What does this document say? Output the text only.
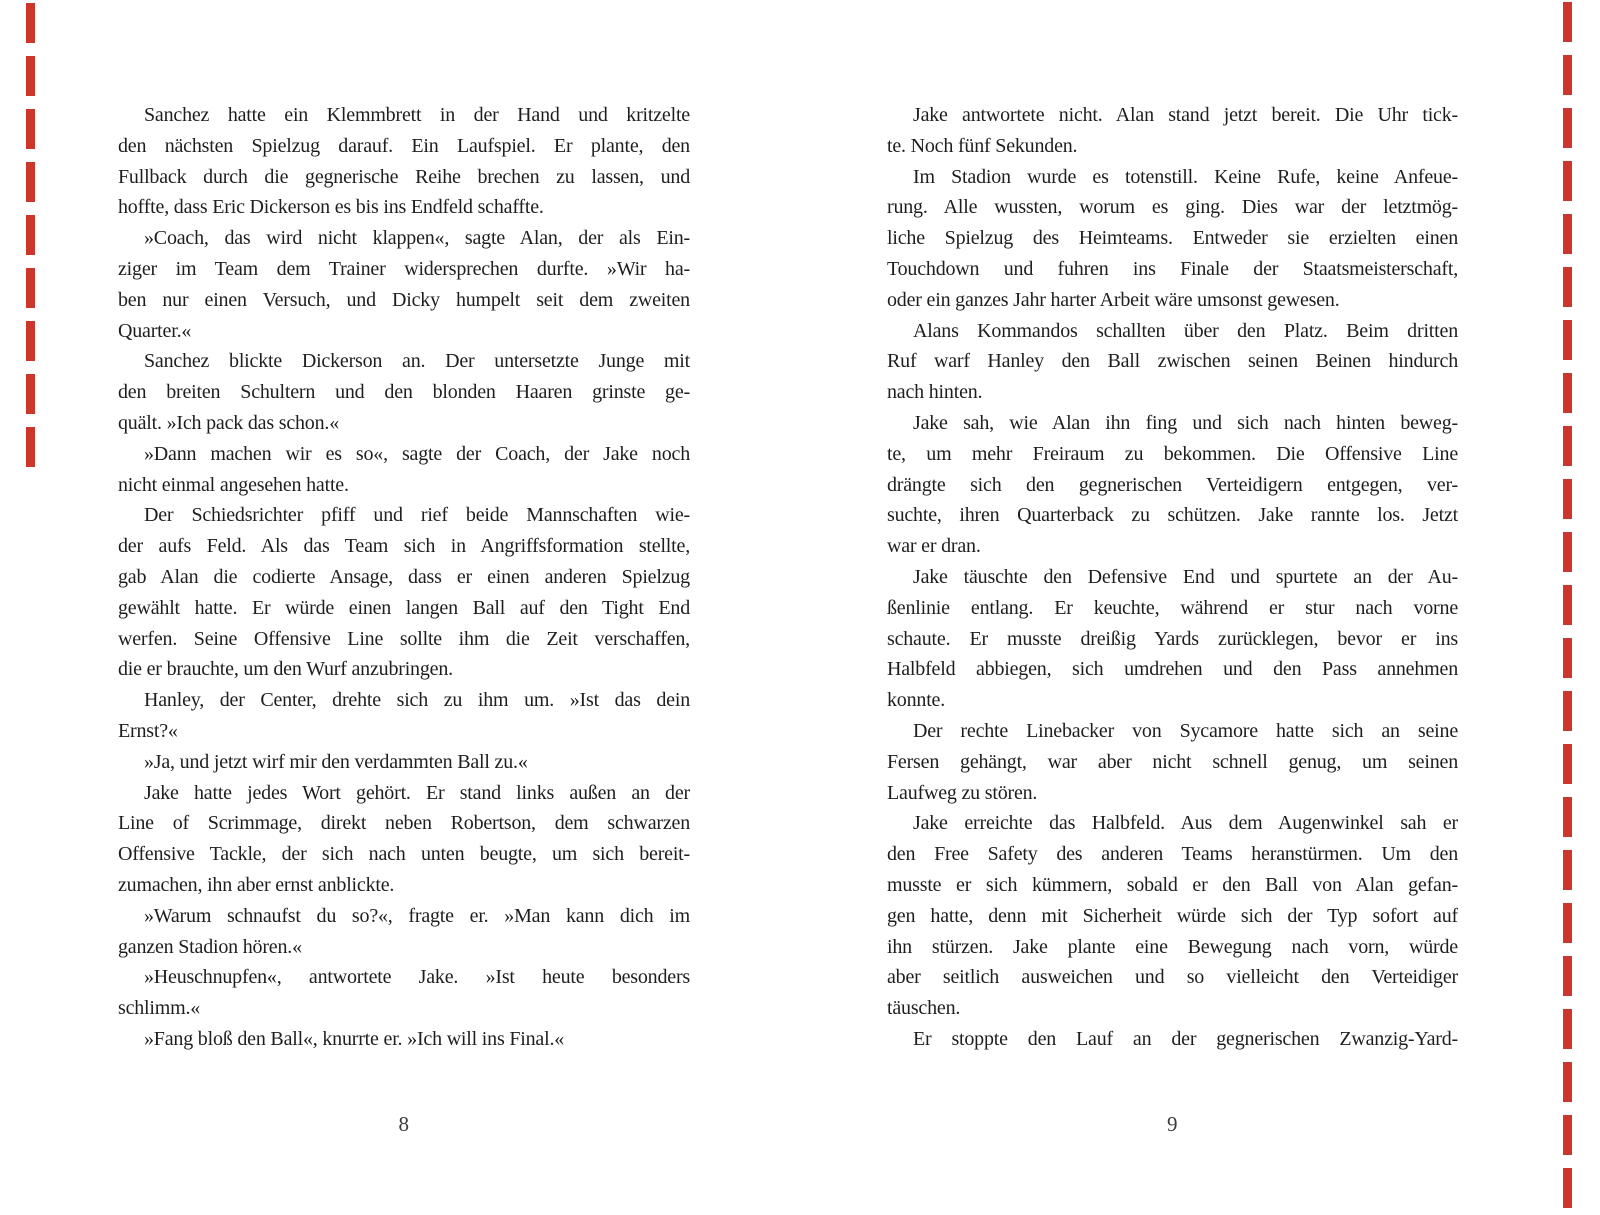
Sanchez hatte ein Klemmbrett in der Hand und kritzelte
den nächsten Spielzug darauf. Ein Laufspiel. Er plante, den
Fullback durch die gegnerische Reihe brechen zu lassen, und
hoffte, dass Eric Dickerson es bis ins Endfeld schaffte.
»Coach, das wird nicht klappen«, sagte Alan, der als Ein-
ziger im Team dem Trainer widersprechen durfte. »Wir ha-
ben nur einen Versuch, und Dicky humpelt seit dem zweiten
Quarter.«
Sanchez blickte Dickerson an. Der untersetzte Junge mit
den breiten Schultern und den blonden Haaren grinste ge-
quält. »Ich pack das schon.«
»Dann machen wir es so«, sagte der Coach, der Jake noch
nicht einmal angesehen hatte.
Der Schiedsrichter pfiff und rief beide Mannschaften wie-
der aufs Feld. Als das Team sich in Angriffsformation stellte,
gab Alan die codierte Ansage, dass er einen anderen Spielzug
gewählt hatte. Er würde einen langen Ball auf den Tight End
werfen. Seine Offensive Line sollte ihm die Zeit verschaffen,
die er brauchte, um den Wurf anzubringen.
Hanley, der Center, drehte sich zu ihm um. »Ist das dein
Ernst?«
»Ja, und jetzt wirf mir den verdammten Ball zu.«
Jake hatte jedes Wort gehört. Er stand links außen an der
Line of Scrimmage, direkt neben Robertson, dem schwarzen
Offensive Tackle, der sich nach unten beugte, um sich bereit-
zumachen, ihn aber ernst anblickte.
»Warum schnaufst du so?«, fragte er. »Man kann dich im
ganzen Stadion hören.«
»Heuschnupfen«, antwortete Jake. »Ist heute besonders
schlimm.«
»Fang bloß den Ball«, knurrte er. »Ich will ins Final.«
Jake antwortete nicht. Alan stand jetzt bereit. Die Uhr tick-
te. Noch fünf Sekunden.
Im Stadion wurde es totenstill. Keine Rufe, keine Anfeue-
rung. Alle wussten, worum es ging. Dies war der letztmög-
liche Spielzug des Heimteams. Entweder sie erzielten einen
Touchdown und fuhren ins Finale der Staatsmeisterschaft,
oder ein ganzes Jahr harter Arbeit wäre umsonst gewesen.
Alans Kommandos schallten über den Platz. Beim dritten
Ruf warf Hanley den Ball zwischen seinen Beinen hindurch
nach hinten.
Jake sah, wie Alan ihn fing und sich nach hinten beweg-
te, um mehr Freiraum zu bekommen. Die Offensive Line
drängte sich den gegnerischen Verteidigern entgegen, ver-
suchte, ihren Quarterback zu schützen. Jake rannte los. Jetzt
war er dran.
Jake täuschte den Defensive End und spurtete an der Au-
ßenlinie entlang. Er keuchte, während er stur nach vorne
schaute. Er musste dreißig Yards zurücklegen, bevor er ins
Halbfeld abbiegen, sich umdrehen und den Pass annehmen
konnte.
Der rechte Linebacker von Sycamore hatte sich an seine
Fersen gehängt, war aber nicht schnell genug, um seinen
Laufweg zu stören.
Jake erreichte das Halbfeld. Aus dem Augenwinkel sah er
den Free Safety des anderen Teams heranstürmen. Um den
musste er sich kümmern, sobald er den Ball von Alan gefan-
gen hatte, denn mit Sicherheit würde sich der Typ sofort auf
ihn stürzen. Jake plante eine Bewegung nach vorn, würde
aber seitlich ausweichen und so vielleicht den Verteidiger
täuschen.
Er stoppte den Lauf an der gegnerischen Zwanzig-Yard-
8	9
